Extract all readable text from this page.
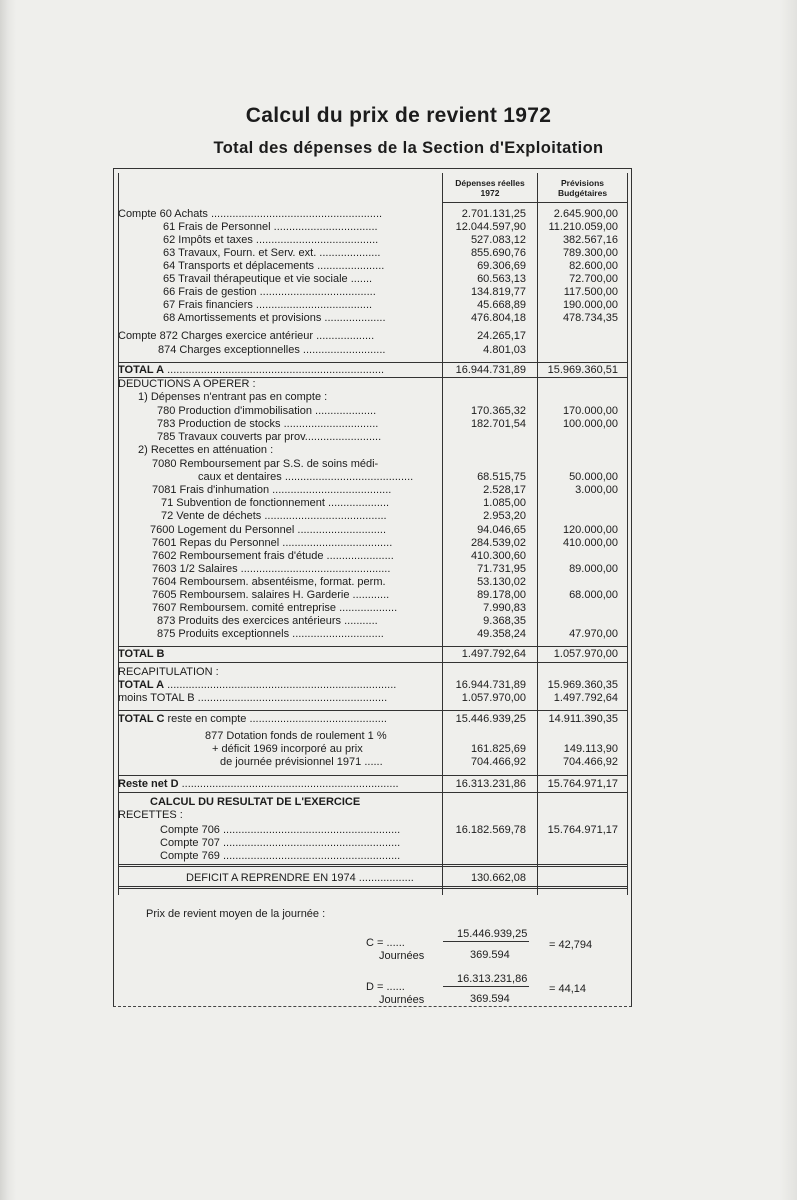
Calcul du prix de revient 1972
Total des dépenses de la Section d'Exploitation
Dépenses réelles
1972
Prévisions
Budgétaires
Compte 60 Achats ........................................................	2.701.131,25	2.645.900,00
61 Frais de Personnel ..................................	12.044.597,90	11.210.059,00
62 Impôts et taxes ........................................	527.083,12	382.567,16
63 Travaux, Fourn. et Serv. ext. ....................	855.690,76	789.300,00
64 Transports et déplacements ......................	69.306,69	82.600,00
65 Travail thérapeutique et vie sociale .......	60.563,13	72.700,00
66 Frais de gestion ......................................	134.819,77	117.500,00
67 Frais financiers ......................................	45.668,89	190.000,00
68 Amortissements et provisions ....................	476.804,18	478.734,35
Compte 872 Charges exercice antérieur ...................	24.265,17
874 Charges exceptionnelles ...........................	4.801,03
TOTAL A .......................................................................	16.944.731,89	15.969.360,51
DEDUCTIONS A OPERER :
1) Dépenses n'entrant pas en compte :
780 Production d'immobilisation ....................	170.365,32	170.000,00
783 Production de stocks ...............................	182.701,54	100.000,00
785 Travaux couverts par prov.........................
2) Recettes en atténuation :
7080 Remboursement par S.S. de soins médi-
caux et dentaires ..........................................	68.515,75	50.000,00
7081 Frais d'inhumation .......................................	2.528,17	3.000,00
71 Subvention de fonctionnement ....................	1.085,00
72 Vente de déchets ........................................	2.953,20
7600 Logement du Personnel .............................	94.046,65	120.000,00
7601 Repas du Personnel ....................................	284.539,02	410.000,00
7602 Remboursement frais d'étude ......................	410.300,60
7603 1/2 Salaires .................................................	71.731,95	89.000,00
7604 Remboursem. absentéisme, format. perm.	53.130,02
7605 Remboursem. salaires H. Garderie ............	89.178,00	68.000,00
7607 Remboursem. comité entreprise ...................	7.990,83
873 Produits des exercices antérieurs ...........	9.368,35
875 Produits exceptionnels ..............................	49.358,24	47.970,00
TOTAL B	1.497.792,64	1.057.970,00
RECAPITULATION :
TOTAL A ...........................................................................	16.944.731,89	15.969.360,35
moins TOTAL B ..............................................................	1.057.970,00	1.497.792,64
TOTAL C reste en compte .............................................	15.446.939,25	14.911.390,35
877 Dotation fonds de roulement 1 %
+ déficit 1969 incorporé au prix	161.825,69	149.113,90
de journée prévisionnel 1971 ......	704.466,92	704.466,92
Reste net D .......................................................................	16.313.231,86	15.764.971,17
CALCUL DU RESULTAT DE L'EXERCICE
RECETTES :
Compte 706 ..........................................................	16.182.569,78	15.764.971,17
Compte 707 ..........................................................
Compte 769 ..........................................................
DEFICIT A REPRENDRE EN 1974 ..................	130.662,08
Prix de revient moyen de la journée :
C = ......
Journées
15.446.939,25
369.594
= 42,794
D = ......
Journées
16.313.231,86
369.594
= 44,14
